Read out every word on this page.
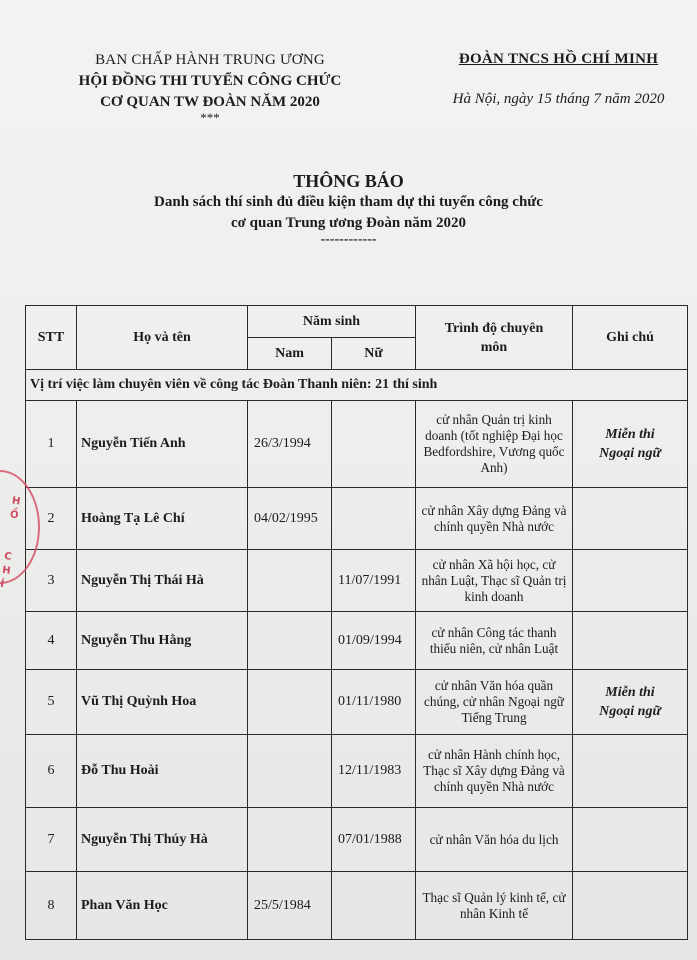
BAN CHẤP HÀNH TRUNG ƯƠNG
HỘI ĐỒNG THI TUYỂN CÔNG CHỨC
CƠ QUAN TW ĐOÀN NĂM 2020
***
ĐOÀN TNCS HỒ CHÍ MINH
Hà Nội, ngày 15 tháng 7 năm 2020
THÔNG BÁO
Danh sách thí sinh đủ điều kiện tham dự thi tuyển công chức
cơ quan Trung ương Đoàn năm 2020
------------
STT	Họ và tên	Năm sinh		Trình độ chuyên môn	Ghi chú
		Nam	Nữ		
Vị trí việc làm chuyên viên về công tác Đoàn Thanh niên: 21 thí sinh					
1	Nguyễn Tiến Anh	26/3/1994		cử nhân Quản trị kinh doanh (tốt nghiệp Đại học Bedfordshire, Vương quốc Anh)	Miễn thi Ngoại ngữ

2	Hoàng Tạ Lê Chí	04/02/1995		cử nhân Xây dựng Đảng và chính quyền Nhà nước	

3	Nguyễn Thị Thái Hà		11/07/1991	cử nhân Xã hội học, cử nhân Luật, Thạc sĩ Quản trị kinh doanh	

4	Nguyễn Thu Hằng		01/09/1994	cử nhân Công tác thanh thiếu niên, cử nhân Luật	

5	Vũ Thị Quỳnh Hoa		01/11/1980	cử nhân Văn hóa quần chúng, cử nhân Ngoại ngữ Tiếng Trung	Miễn thi Ngoại ngữ

6	Đỗ Thu Hoài		12/11/1983	cử nhân Hành chính học, Thạc sĩ Xây dựng Đảng và chính quyền Nhà nước	

7	Nguyễn Thị Thúy Hà		07/01/1988	cử nhân Văn hóa du lịch	

8	Phan Văn Học	25/5/1984		Thạc sĩ Quản lý kinh tế, cử nhân Kinh tế	
H
Ồ

C
H
Í
